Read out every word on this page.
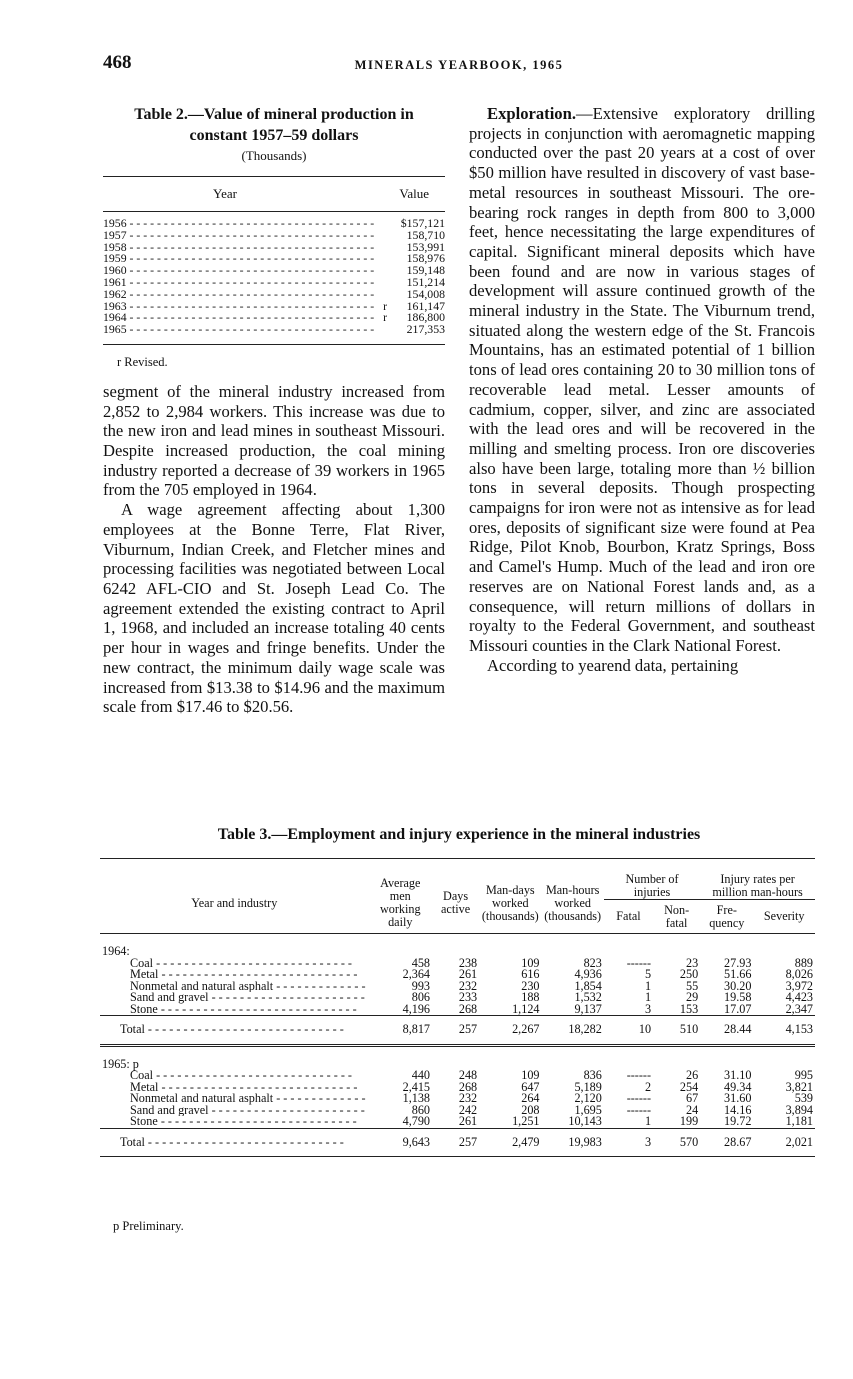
468	MINERALS YEARBOOK, 1965
Table 2.—Value of mineral production in
constant 1957–59 dollars
(Thousands)
Year	Value
1956 - - -	$157,121
1957 - - -	158,710
1958 - - -	153,991
1959 - - -	158,976
1960 - - -	159,148
1961 - - -	151,214
1962 - - -	154,008
1963 - - -	r	161,147
1964 - - -	r	186,800
1965 - - -	217,353
r Revised.

segment of the mineral industry increased from 2,852 to 2,984 workers. This increase was due to the new iron and lead mines in southeast Missouri. Despite increased production, the coal mining industry reported a decrease of 39 workers in 1965 from the 705 employed in 1964.

A wage agreement affecting about 1,300 employees at the Bonne Terre, Flat River, Viburnum, Indian Creek, and Fletcher mines and processing facilities was negotiated between Local 6242 AFL-CIO and St. Joseph Lead Co. The agreement extended the existing contract to April 1, 1968, and included an increase totaling 40 cents per hour in wages and fringe benefits. Under the new contract, the minimum daily wage scale was increased from $13.38 to $14.96 and the maximum scale from $17.46 to $20.56.

Exploration.—Extensive exploratory drilling projects in conjunction with aeromagnetic mapping conducted over the past 20 years at a cost of over $50 million have resulted in discovery of vast base-metal resources in southeast Missouri. The ore-bearing rock ranges in depth from 800 to 3,000 feet, hence necessitating the large expenditures of capital. Significant mineral deposits which have been found and are now in various stages of development will assure continued growth of the mineral industry in the State. The Viburnum trend, situated along the western edge of the St. Francois Mountains, has an estimated potential of 1 billion tons of lead ores containing 20 to 30 million tons of recoverable lead metal. Lesser amounts of cadmium, copper, silver, and zinc are associated with the lead ores and will be recovered in the milling and smelting process. Iron ore discoveries also have been large, totaling more than ½ billion tons in several deposits. Though prospecting campaigns for iron were not as intensive as for lead ores, deposits of significant size were found at Pea Ridge, Pilot Knob, Bourbon, Kratz Springs, Boss and Camel's Hump. Much of the lead and iron ore reserves are on National Forest lands and, as a consequence, will return millions of dollars in royalty to the Federal Government, and southeast Missouri counties in the Clark National Forest.

According to yearend data, pertaining

Table 3.—Employment and injury experience in the mineral industries
Year and industry	Average men working daily	Days active	Man-days worked (thousands)	Man-hours worked (thousands)	Number of injuries		Injury rates per million man-hours	
					Fatal	Non-fatal	Fre-quency	Severity
1964:								
Coal - - -	458	238	109	823	------	23	27.93	889
Metal - - -	2,364	261	616	4,936	5	250	51.66	8,026
Nonmetal and natural asphalt - - -	993	232	230	1,854	1	55	30.20	3,972
Sand and gravel - - -	806	233	188	1,532	1	29	19.58	4,423
Stone - - -	4,196	268	1,124	9,137	3	153	17.07	2,347
Total - - -	8,817	257	2,267	18,282	10	510	28.44	4,153
1965: p								
Coal - - -	440	248	109	836	------	26	31.10	995
Metal - - -	2,415	268	647	5,189	2	254	49.34	3,821
Nonmetal and natural asphalt - - -	1,138	232	264	2,120	------	67	31.60	539
Sand and gravel - - -	860	242	208	1,695	------	24	14.16	3,894
Stone - - -	4,790	261	1,251	10,143	1	199	19.72	1,181
Total - - -	9,643	257	2,479	19,983	3	570	28.67	2,021
p Preliminary.
